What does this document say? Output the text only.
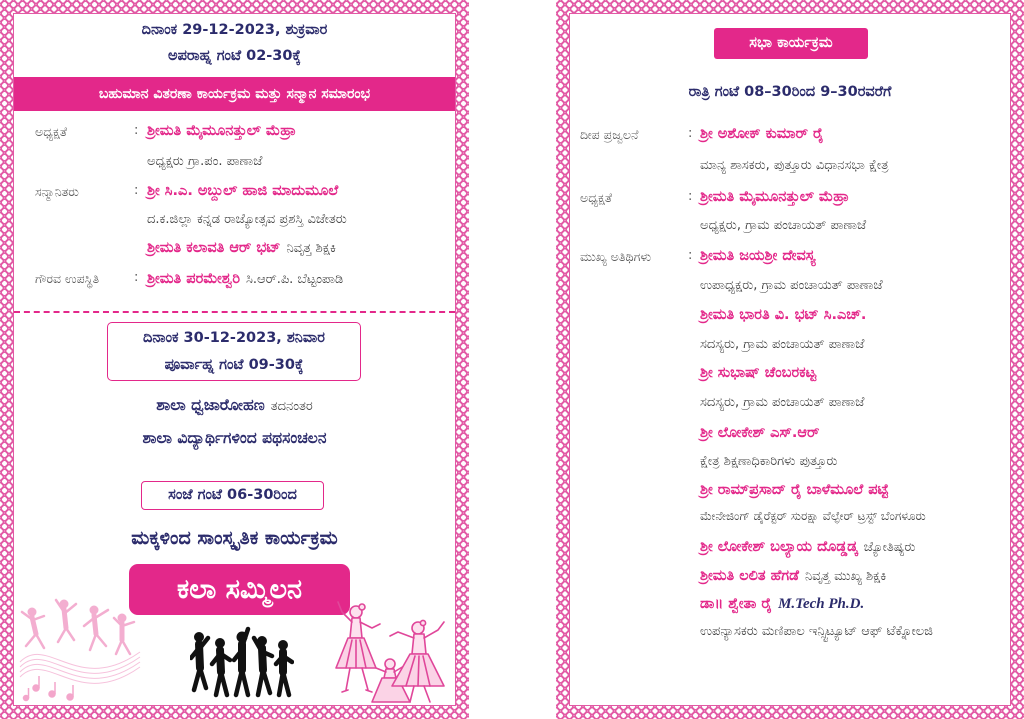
ದಿನಾಂಕ 29-12-2023, ಶುಕ್ರವಾರ
ಅಪರಾಹ್ನ ಗಂಟೆ 02-30ಕ್ಕೆ
ಬಹುಮಾನ ವಿತರಣಾ ಕಾರ್ಯಕ್ರಮ ಮತ್ತು ಸನ್ಮಾನ ಸಮಾರಂಭ
ಅಧ್ಯಕ್ಷತೆ	: ಶ್ರೀಮತಿ ಮೈಮೂನತ್ತುಲ್ ಮೆಹ್ರಾ
ಅಧ್ಯಕ್ಷರು ಗ್ರಾ.ಪಂ. ಪಾಣಾಜೆ
ಸನ್ಮಾನಿತರು	: ಶ್ರೀ ಸಿ.ಎ. ಅಬ್ದುಲ್ ಹಾಜಿ ಮಾದುಮೂಲೆ
ದ.ಕ.ಜಿಲ್ಲಾ ಕನ್ನಡ ರಾಜ್ಯೋತ್ಸವ ಪ್ರಶಸ್ತಿ ವಿಜೇತರು
ಶ್ರೀಮತಿ ಕಲಾವತಿ ಆರ್ ಭಟ್ ನಿವೃತ್ತ ಶಿಕ್ಷಕಿ
ಗೌರವ ಉಪಸ್ಥಿತಿ	: ಶ್ರೀಮತಿ ಪರಮೇಶ್ವರಿ ಸಿ.ಆರ್.ಪಿ. ಬೆಟ್ಟಂಪಾಡಿ
ದಿನಾಂಕ 30-12-2023, ಶನಿವಾರ
ಪೂರ್ವಾಹ್ನ ಗಂಟೆ 09-30ಕ್ಕೆ
ಶಾಲಾ ಧ್ವಜಾರೋಹಣ ತದನಂತರ
ಶಾಲಾ ವಿದ್ಯಾರ್ಥಿಗಳಿಂದ ಪಥಸಂಚಲನ
ಸಂಜೆ ಗಂಟೆ 06-30ರಿಂದ
ಮಕ್ಕಳಿಂದ ಸಾಂಸ್ಕೃತಿಕ ಕಾರ್ಯಕ್ರಮ
ಕಲಾ ಸಮ್ಮಿಲನ
ಸಭಾ ಕಾರ್ಯಕ್ರಮ
ರಾತ್ರಿ ಗಂಟೆ 08–30ರಿಂದ 9–30ರವರೆಗೆ
ದೀಪ ಪ್ರಜ್ವಲನೆ	: ಶ್ರೀ ಅಶೋಕ್ ಕುಮಾರ್ ರೈ
ಮಾನ್ಯ ಶಾಸಕರು, ಪುತ್ತೂರು ವಿಧಾನಸಭಾ ಕ್ಷೇತ್ರ
ಅಧ್ಯಕ್ಷತೆ	: ಶ್ರೀಮತಿ ಮೈಮೂನತ್ತುಲ್ ಮೆಹ್ರಾ
ಅಧ್ಯಕ್ಷರು, ಗ್ರಾಮ ಪಂಚಾಯತ್ ಪಾಣಾಜೆ
ಮುಖ್ಯ ಅತಿಥಿಗಳು	: ಶ್ರೀಮತಿ ಜಯಶ್ರೀ ದೇವಸ್ಯ
ಉಪಾಧ್ಯಕ್ಷರು, ಗ್ರಾಮ ಪಂಚಾಯತ್ ಪಾಣಾಜೆ
ಶ್ರೀಮತಿ ಭಾರತಿ ವಿ. ಭಟ್ ಸಿ.ಎಚ್.
ಸದಸ್ಯರು, ಗ್ರಾಮ ಪಂಚಾಯತ್ ಪಾಣಾಜೆ
ಶ್ರೀ ಸುಭಾಷ್ ಚೆಂಬರಕಟ್ಟ
ಸದಸ್ಯರು, ಗ್ರಾಮ ಪಂಚಾಯತ್ ಪಾಣಾಜೆ
ಶ್ರೀ ಲೋಕೇಶ್ ಎಸ್.ಆರ್
ಕ್ಷೇತ್ರ ಶಿಕ್ಷಣಾಧಿಕಾರಿಗಳು ಪುತ್ತೂರು
ಶ್ರೀ ರಾಮ್‌ಪ್ರಸಾದ್ ರೈ ಬಾಳೆಮೂಲೆ ಪಟ್ಟೆ
ಮೇನೇಜಿಂಗ್ ಡೈರೆಕ್ಟರ್ ಸುರಕ್ಷಾ ವೆಲ್ಫೇರ್ ಟ್ರಸ್ಟ್ ಬೆಂಗಳೂರು
ಶ್ರೀ ಲೋಕೇಶ್ ಬಲ್ಯಾಯ ದೊಡ್ಡಡ್ಕ ಜ್ಯೋತಿಷ್ಯರು
ಶ್ರೀಮತಿ ಲಲಿತ ಹೆಗಡೆ ನಿವೃತ್ತ ಮುಖ್ಯ ಶಿಕ್ಷಕಿ
ಡಾ॥ ಶ್ವೇತಾ ರೈ M.Tech Ph.D.
ಉಪನ್ಯಾಸಕರು ಮಣಿಪಾಲ ಇನ್ಸ್ಟಿಟ್ಯೂಟ್ ಆಫ್ ಟೆಕ್ನೋಲಜಿ
